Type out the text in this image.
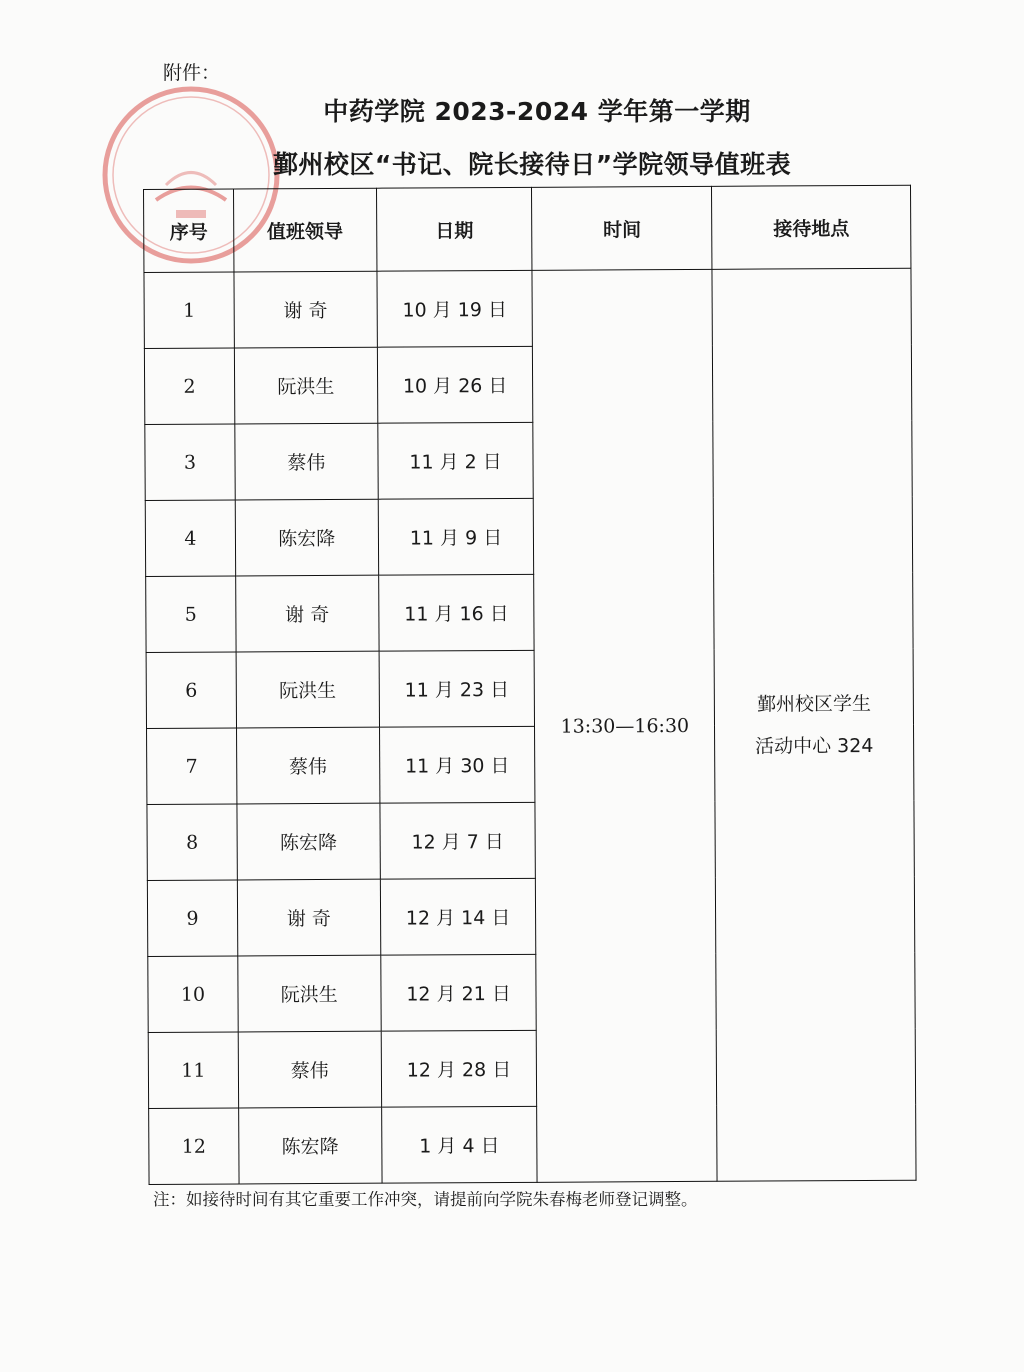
附件：
中药学院 2023-2024 学年第一学期
鄞州校区“书记、院长接待日”学院领导值班表
序号	值班领导	日期	时间	接待地点
1	谢 奇	10 月 19 日	13:30—16:30	鄞州校区学生
活动中心 324

2	阮洪生	10 月 26 日		
3	蔡伟	11 月 2 日		
4	陈宏降	11 月 9 日		
5	谢 奇	11 月 16 日		
6	阮洪生	11 月 23 日		
7	蔡伟	11 月 30 日		
8	陈宏降	12 月 7 日		
9	谢 奇	12 月 14 日		
10	阮洪生	12 月 21 日		
11	蔡伟	12 月 28 日		
12	陈宏降	1 月 4 日		
注：如接待时间有其它重要工作冲突，请提前向学院朱春梅老师登记调整。
